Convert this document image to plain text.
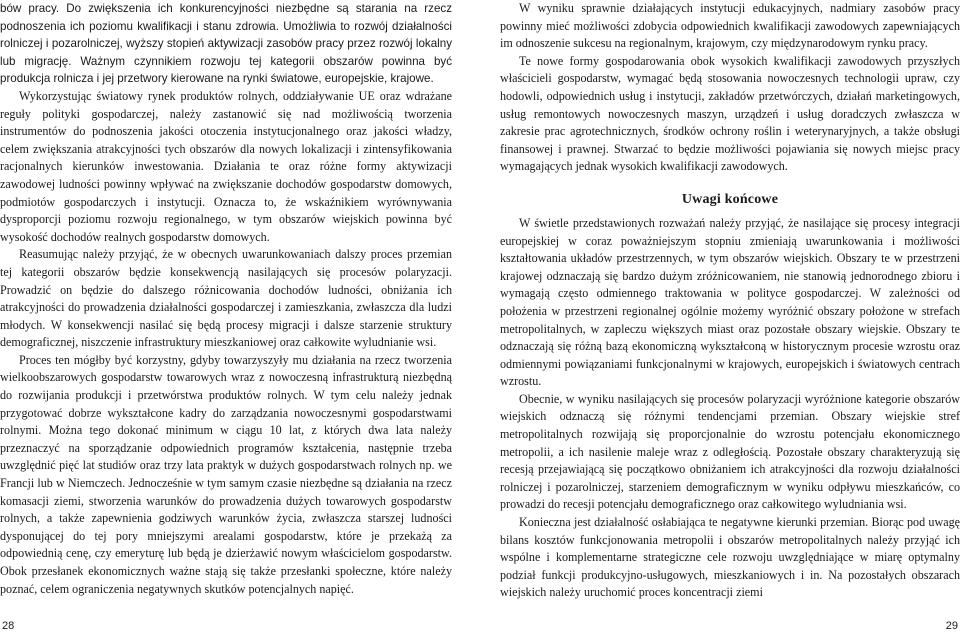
bów pracy. Do zwiększenia ich konkurencyjności niezbędne są starania na rzecz podnoszenia ich poziomu kwalifikacji i stanu zdrowia. Umożliwia to rozwój działalności rolniczej i pozarolniczej, wyższy stopień aktywizacji zasobów pracy przez rozwój lokalny lub migrację. Ważnym czynnikiem rozwoju tej kategorii obszarów powinna być produkcja rolnicza i jej przetwory kierowane na rynki światowe, europejskie, krajowe.

Wykorzystując światowy rynek produktów rolnych, oddziaływanie UE oraz wdrażane reguły polityki gospodarczej, należy zastanowić się nad możliwością tworzenia instrumentów do podnoszenia jakości otoczenia instytucjonalnego oraz jakości władzy, celem zwiększania atrakcyjności tych obszarów dla nowych lokalizacji i zintensyfikowania racjonalnych kierunków inwestowania. Działania te oraz różne formy aktywizacji zawodowej ludności powinny wpływać na zwiększanie dochodów gospodarstw domowych, podmiotów gospodarczych i instytucji. Oznacza to, że wskaźnikiem wyrównywania dysproporcji poziomu rozwoju regionalnego, w tym obszarów wiejskich powinna być wysokość dochodów realnych gospodarstw domowych.

Reasumując należy przyjąć, że w obecnych uwarunkowaniach dalszy proces przemian tej kategorii obszarów będzie konsekwencją nasilających się procesów polaryzacji. Prowadzić on będzie do dalszego różnicowania dochodów ludności, obniżania ich atrakcyjności do prowadzenia działalności gospodarczej i zamieszkania, zwłaszcza dla ludzi młodych. W konsekwencji nasilać się będą procesy migracji i dalsze starzenie struktury demograficznej, niszczenie infrastruktury mieszkaniowej oraz całkowite wyludnianie wsi.

Proces ten mógłby być korzystny, gdyby towarzyszyły mu działania na rzecz tworzenia wielkoobszarowych gospodarstw towarowych wraz z nowoczesną infrastrukturą niezbędną do rozwijania produkcji i przetwórstwa produktów rolnych. W tym celu należy jednak przygotować dobrze wykształcone kadry do zarządzania nowoczesnymi gospodarstwami rolnymi. Można tego dokonać minimum w ciągu 10 lat, z których dwa lata należy przeznaczyć na sporządzanie odpowiednich programów kształcenia, następnie trzeba uwzględnić pięć lat studiów oraz trzy lata praktyk w dużych gospodarstwach rolnych np. we Francji lub w Niemczech. Jednocześnie w tym samym czasie niezbędne są działania na rzecz komasacji ziemi, stworzenia warunków do prowadzenia dużych towarowych gospodarstw rolnych, a także zapewnienia godziwych warunków życia, zwłaszcza starszej ludności dysponującej do tej pory mniejszymi arealami gospodarstw, które je przekażą za odpowiednią cenę, czy emeryturę lub będą je dzierżawić nowym właścicielom gospodarstw. Obok przesłanek ekonomicznych ważne stają się także przesłanki społeczne, które należy poznać, celem ograniczenia negatywnych skutków potencjalnych napięć.

W wyniku sprawnie działających instytucji edukacyjnych, nadmiary zasobów pracy powinny mieć możliwości zdobycia odpowiednich kwalifikacji zawodowych zapewniających im odnoszenie sukcesu na regionalnym, krajowym, czy międzynarodowym rynku pracy.

Te nowe formy gospodarowania obok wysokich kwalifikacji zawodowych przyszłych właścicieli gospodarstw, wymagać będą stosowania nowoczesnych technologii upraw, czy hodowli, odpowiednich usług i instytucji, zakładów przetwórczych, działań marketingowych, usług remontowych nowoczesnych maszyn, urządzeń i usług doradczych zwłaszcza w zakresie prac agrotechnicznych, środków ochrony roślin i weterynaryjnych, a także obsługi finansowej i prawnej. Stwarzać to będzie możliwości pojawiania się nowych miejsc pracy wymagających jednak wysokich kwalifikacji zawodowych.

Uwagi końcowe

W świetle przedstawionych rozważań należy przyjąć, że nasilające się procesy integracji europejskiej w coraz poważniejszym stopniu zmieniają uwarunkowania i możliwości kształtowania układów przestrzennych, w tym obszarów wiejskich. Obszary te w przestrzeni krajowej odznaczają się bardzo dużym zróżnicowaniem, nie stanowią jednorodnego zbioru i wymagają często odmiennego traktowania w polityce gospodarczej. W zależności od położenia w przestrzeni regionalnej ogólnie możemy wyróżnić obszary położone w strefach metropolitalnych, w zapleczu większych miast oraz pozostałe obszary wiejskie. Obszary te odznaczają się różną bazą ekonomiczną wykształconą w historycznym procesie wzrostu oraz odmiennymi powiązaniami funkcjonalnymi w krajowych, europejskich i światowych centrach wzrostu.

Obecnie, w wyniku nasilających się procesów polaryzacji wyróżnione kategorie obszarów wiejskich odznaczą się różnymi tendencjami przemian. Obszary wiejskie stref metropolitalnych rozwijają się proporcjonalnie do wzrostu potencjału ekonomicznego metropolii, a ich nasilenie maleje wraz z odległością. Pozostałe obszary charakteryzują się recesją przejawiającą się początkowo obniżaniem ich atrakcyjności dla rozwoju działalności rolniczej i pozarolniczej, starzeniem demograficznym w wyniku odpływu mieszkańców, co prowadzi do recesji potencjału demograficznego oraz całkowitego wyludniania wsi.

Konieczna jest działalność osłabiająca te negatywne kierunki przemian. Biorąc pod uwagę bilans kosztów funkcjonowania metropolii i obszarów metropolitalnych należy przyjąć ich wspólne i komplementarne strategiczne cele rozwoju uwzględniające w miarę optymalny podział funkcji produkcyjno-usługowych, mieszkaniowych i in. Na pozostałych obszarach wiejskich należy uruchomić proces koncentracji ziemi

28	29
